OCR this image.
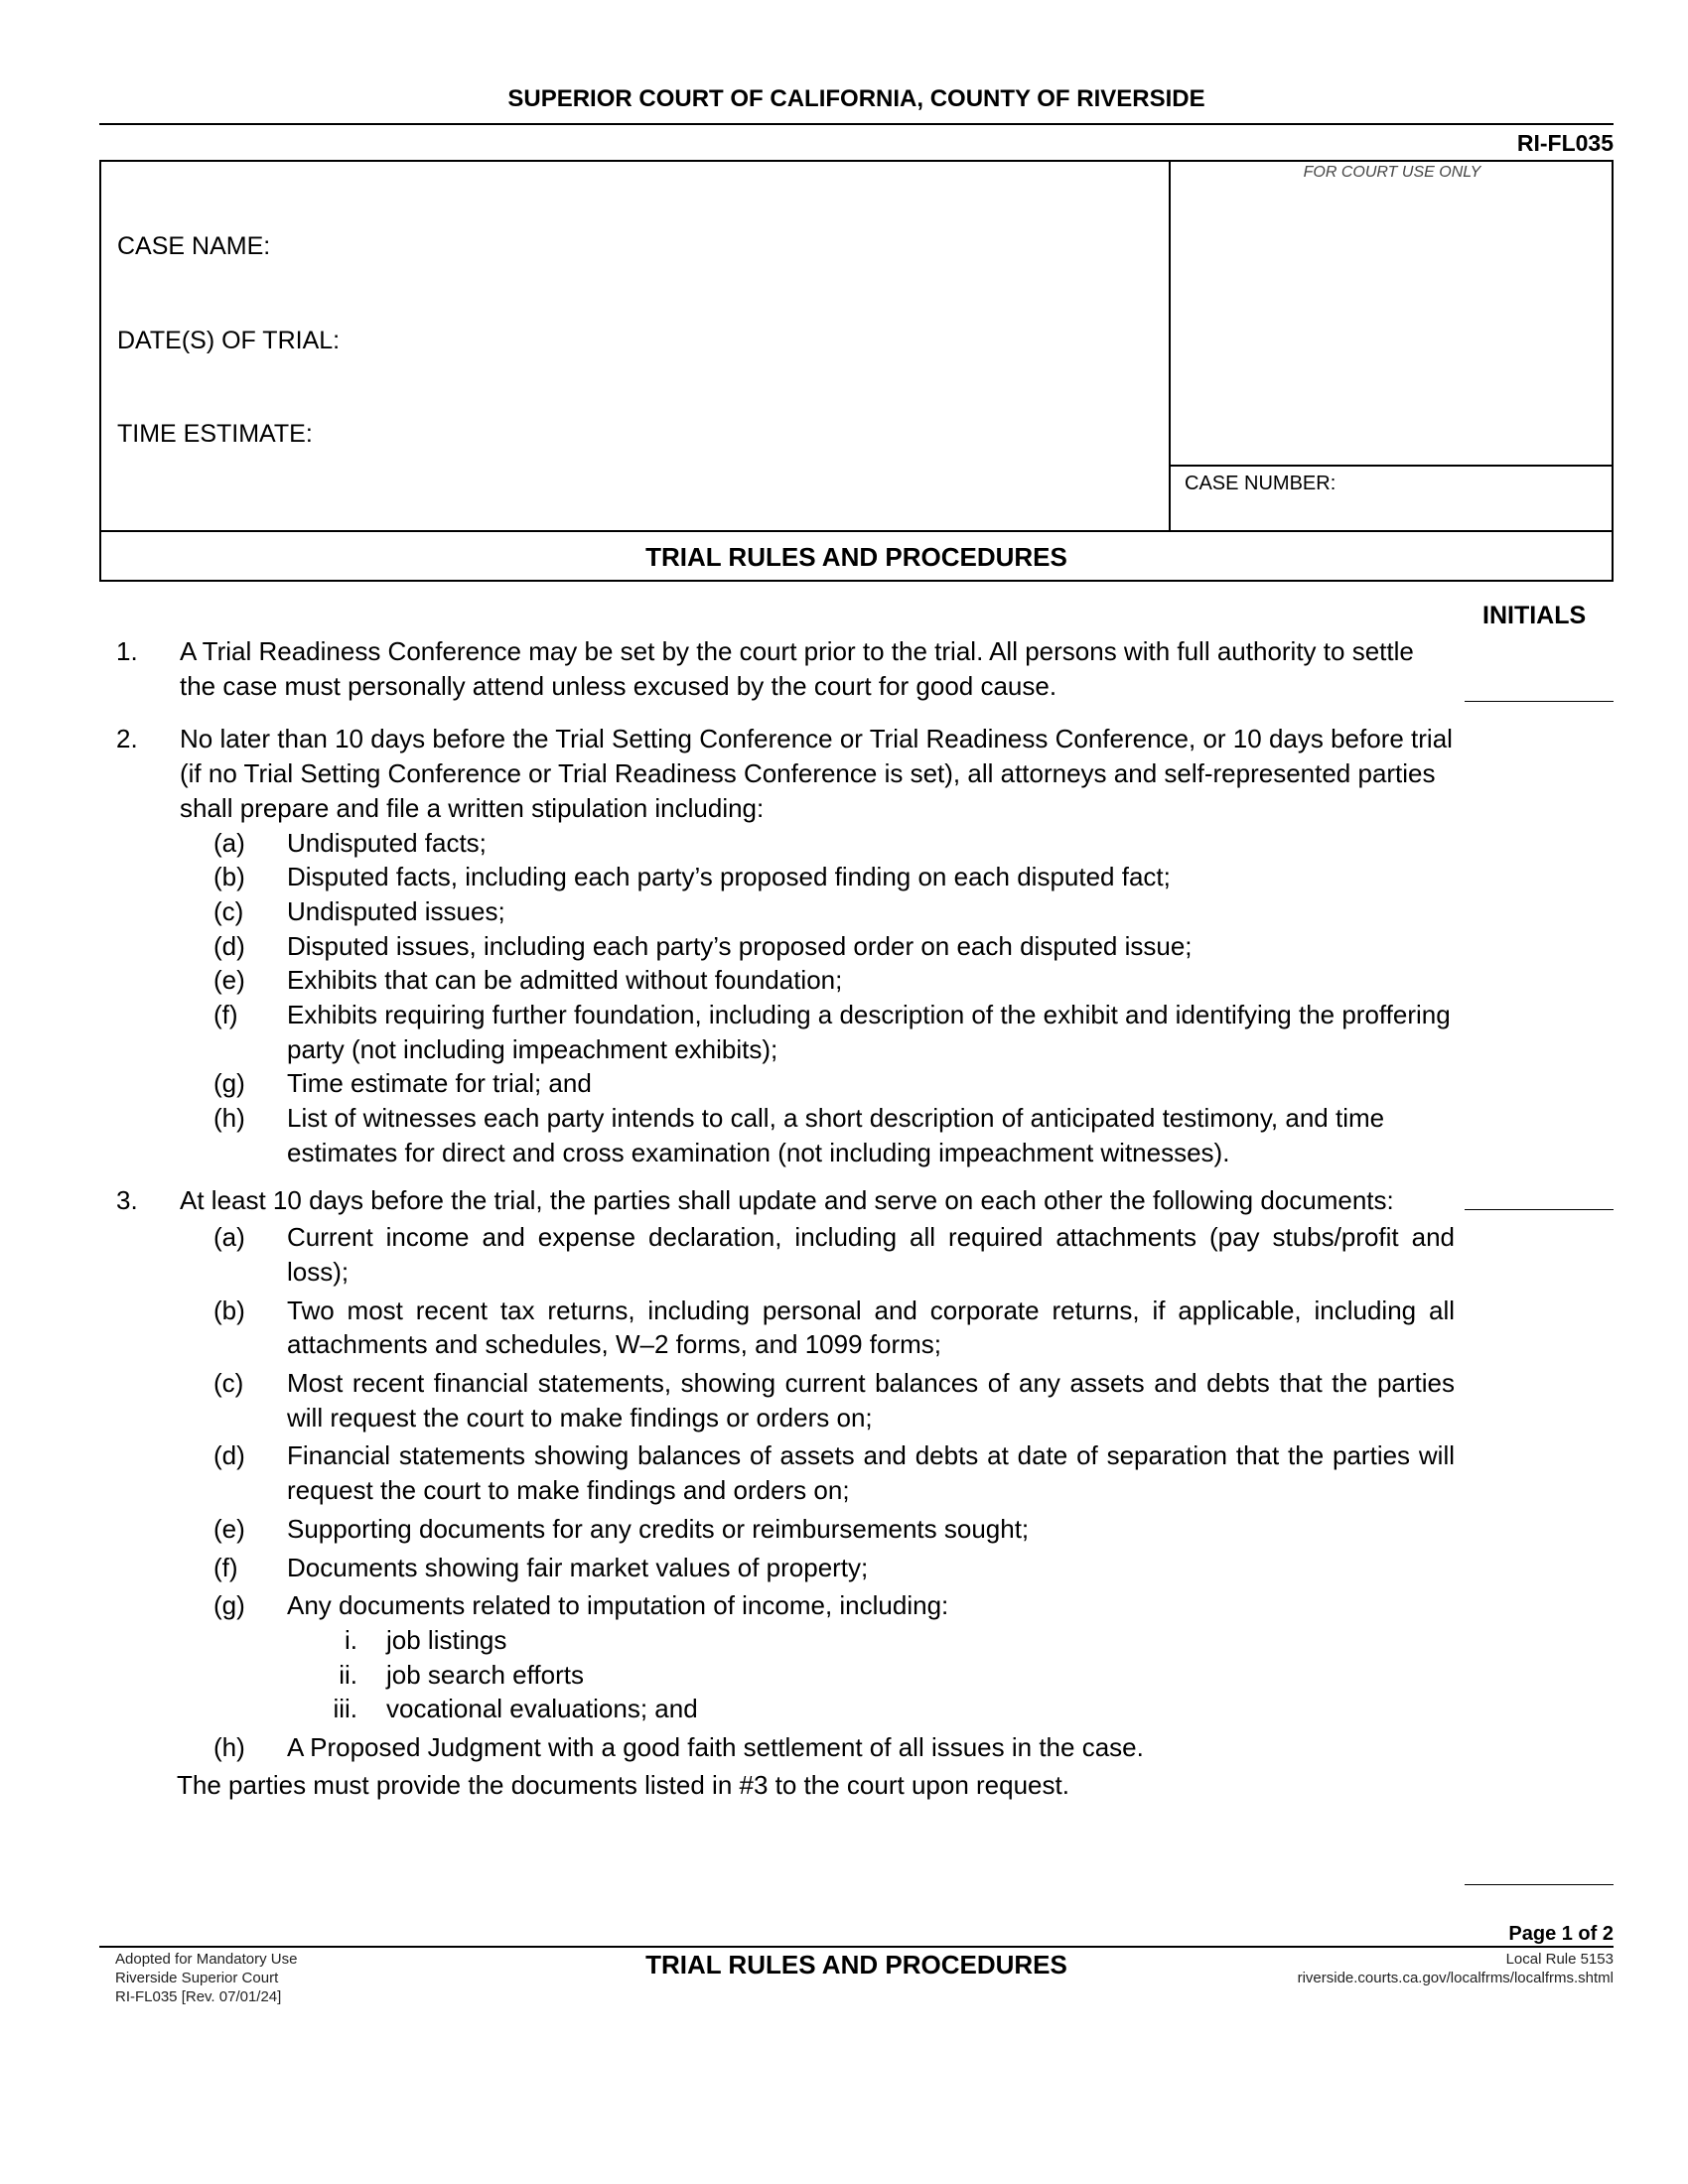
SUPERIOR COURT OF CALIFORNIA, COUNTY OF RIVERSIDE
RI-FL035
CASE NAME:
DATE(S) OF TRIAL:
TIME ESTIMATE:
FOR COURT USE ONLY
CASE NUMBER:
TRIAL RULES AND PROCEDURES
INITIALS
1. A Trial Readiness Conference may be set by the court prior to the trial. All persons with full authority to settle the case must personally attend unless excused by the court for good cause.
2. No later than 10 days before the Trial Setting Conference or Trial Readiness Conference, or 10 days before trial (if no Trial Setting Conference or Trial Readiness Conference is set), all attorneys and self-represented parties shall prepare and file a written stipulation including:
(a) Undisputed facts;
(b) Disputed facts, including each party’s proposed finding on each disputed fact;
(c) Undisputed issues;
(d) Disputed issues, including each party’s proposed order on each disputed issue;
(e) Exhibits that can be admitted without foundation;
(f) Exhibits requiring further foundation, including a description of the exhibit and identifying the proffering party (not including impeachment exhibits);
(g) Time estimate for trial; and
(h) List of witnesses each party intends to call, a short description of anticipated testimony, and time estimates for direct and cross examination (not including impeachment witnesses).
3. At least 10 days before the trial, the parties shall update and serve on each other the following documents:
(a) Current income and expense declaration, including all required attachments (pay stubs/profit and loss);
(b) Two most recent tax returns, including personal and corporate returns, if applicable, including all attachments and schedules, W–2 forms, and 1099 forms;
(c) Most recent financial statements, showing current balances of any assets and debts that the parties will request the court to make findings or orders on;
(d) Financial statements showing balances of assets and debts at date of separation that the parties will request the court to make findings and orders on;
(e) Supporting documents for any credits or reimbursements sought;
(f) Documents showing fair market values of property;
(g) Any documents related to imputation of income, including:
i. job listings
ii. job search efforts
iii. vocational evaluations; and
(h) A Proposed Judgment with a good faith settlement of all issues in the case.
The parties must provide the documents listed in #3 to the court upon request.
Page 1 of 2
Adopted for Mandatory Use
Riverside Superior Court
RI-FL035 [Rev. 07/01/24]
TRIAL RULES AND PROCEDURES	Local Rule 5153
riverside.courts.ca.gov/localfrms/localfrms.shtml
